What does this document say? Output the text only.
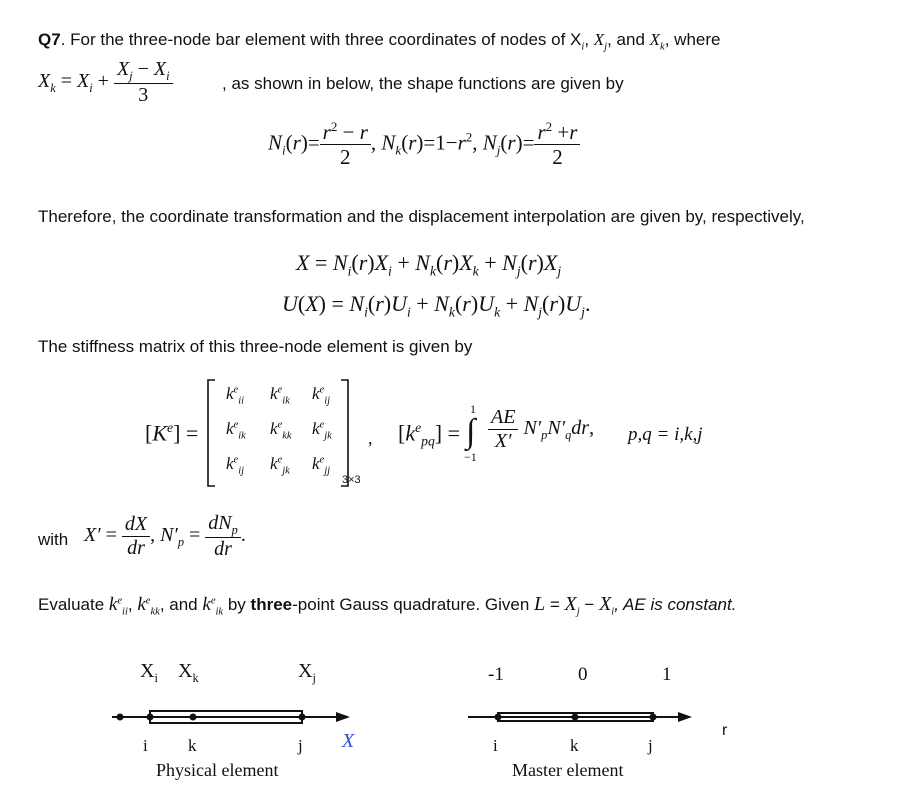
Q7. For the three-node bar element with three coordinates of nodes of $X_i$, $X_j$, and $X_k$, where
$X_k = X_i + \frac{X_j - X_i}{3}$	, as shown in below, the shape functions are given by
$N_i(r)= \frac{r^2 - r}{2}$ , $N_k(r)=1-r^2$, $N_j(r)= \frac{r^2 +r}{2}$
Therefore, the coordinate transformation and the displacement interpolation are given by, respectively,
$X = N_i(r)X_i + N_k(r)X_k + N_j(r)X_j$
$U(X) = N_i(r)U_i + N_k(r)U_k + N_j(r)U_j$.
The stiffness matrix of this three-node element is given by
$[K^e]$ =
$k^e_{ii}$ $k^e_{ik}$ $k^e_{ij}$
$k^e_{ik}$ $k^e_{kk}$ $k^e_{jk}$
$k^e_{ij}$ $k^e_{jk}$ $k^e_{jj}$
3×3
, $[k^e_{pq}]$ =
1
∫
−1
$\frac{AE}{X'} N'_pN'_qdr$, p,q = i,k,j
with $X' = \frac{dX}{dr}$ , $N'_p = \frac{dN_p}{dr}$ .
Evaluate $k^e_{ii}$, $k^e_{kk}$, and $k^e_{ik}$ by three-point Gauss quadrature. Given $L = X_j - X_i$, AE is constant.
$X_i$ $X_k$	$X_j$
i k	j X
Physical element
-1	0	1
i	k	j
r
Master element
